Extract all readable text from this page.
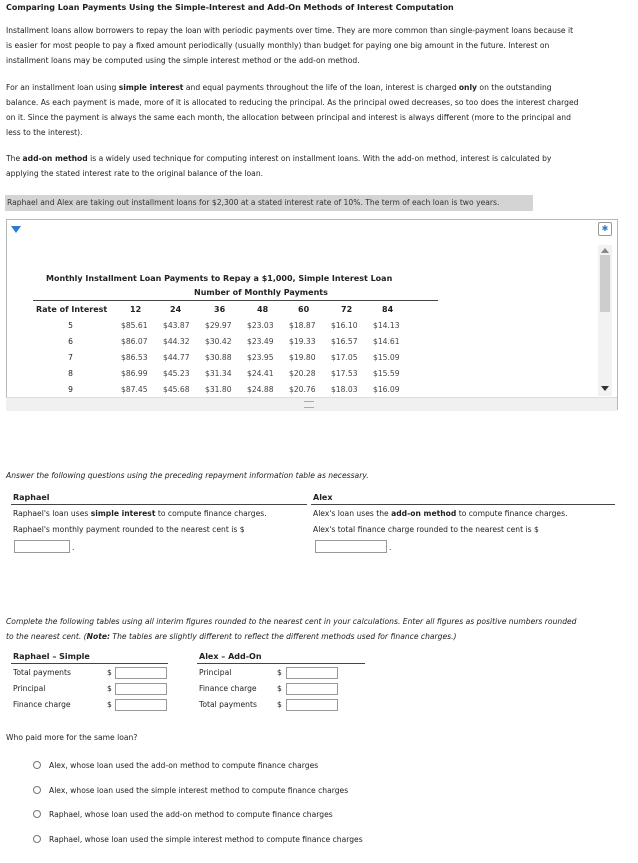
Comparing Loan Payments Using the Simple-Interest and Add-On Methods of Interest Computation
Installment loans allow borrowers to repay the loan with periodic payments over time. They are more common than single-payment loans because it
is easier for most people to pay a fixed amount periodically (usually monthly) than budget for paying one big amount in the future. Interest on
installment loans may be computed using the simple interest method or the add-on method.
For an installment loan using simple interest and equal payments throughout the life of the loan, interest is charged only on the outstanding
balance. As each payment is made, more of it is allocated to reducing the principal. As the principal owed decreases, so too does the interest charged
on it. Since the payment is always the same each month, the allocation between principal and interest is always different (more to the principal and
less to the interest).
The add-on method is a widely used technique for computing interest on installment loans. With the add-on method, interest is calculated by
applying the stated interest rate to the original balance of the loan.
Raphael and Alex are taking out installment loans for $2,300 at a stated interest rate of 10%. The term of each loan is two years.
✱
Monthly Installment Loan Payments to Repay a $1,000, Simple Interest Loan
Number of Monthly Payments
Rate of Interest	12	24	36	48	60	72	84
5	$85.61 $43.87 $29.97 $23.03 $18.87 $16.10 $14.13
6	$86.07 $44.32 $30.42 $23.49 $19.33 $16.57 $14.61
7	$86.53 $44.77 $30.88 $23.95 $19.80 $17.05 $15.09
8	$86.99 $45.23 $31.34 $24.41 $20.28 $17.53 $15.59
9	$87.45 $45.68 $31.80 $24.88 $20.76 $18.03 $16.09
Answer the following questions using the preceding repayment information table as necessary.
Raphael
Raphael's loan uses simple interest to compute finance charges.
Raphael's monthly payment rounded to the nearest cent is $
.
Alex
Alex's loan uses the add-on method to compute finance charges.
Alex's total finance charge rounded to the nearest cent is $
.
Complete the following tables using all interim figures rounded to the nearest cent in your calculations. Enter all figures as positive numbers rounded
to the nearest cent. (Note: The tables are slightly different to reflect the different methods used for finance charges.)
Raphael – Simple
Total payments	$
Principal	$
Finance charge	$
Alex – Add-On
Principal	$
Finance charge	$
Total payments	$
Who paid more for the same loan?
Alex, whose loan used the add-on method to compute finance charges
Alex, whose loan used the simple interest method to compute finance charges
Raphael, whose loan used the add-on method to compute finance charges
Raphael, whose loan used the simple interest method to compute finance charges
